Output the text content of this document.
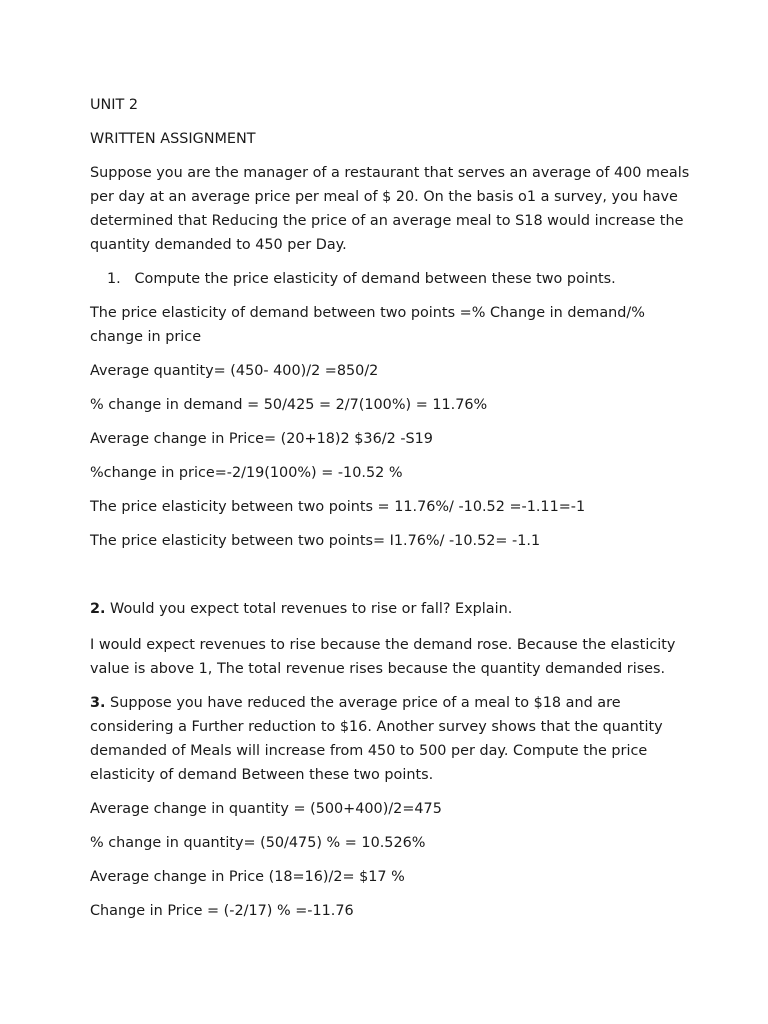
UNIT 2
WRITTEN ASSIGNMENT
Suppose you are the manager of a restaurant that serves an average of 400 meals
per day at an average price per meal of $ 20. On the basis o1 a survey, you have
determined that Reducing the price of an average meal to S18 would increase the
quantity demanded to 450 per Day.
1. Compute the price elasticity of demand between these two points.
The price elasticity of demand between two points =% Change in demand/%
change in price
Average quantity= (450- 400)/2 =850/2
% change in demand = 50/425 = 2/7(100%) = 11.76%
Average change in Price= (20+18)2 $36/2 -S19
%change in price=-2/19(100%) = -10.52 %
The price elasticity between two points = 11.76%/ -10.52 =-1.11=-1
The price elasticity between two points= I1.76%/ -10.52= -1.1
2. Would you expect total revenues to rise or fall? Explain.
I would expect revenues to rise because the demand rose. Because the elasticity
value is above 1, The total revenue rises because the quantity demanded rises.
3. Suppose you have reduced the average price of a meal to $18 and are
considering a Further reduction to $16. Another survey shows that the quantity
demanded of Meals will increase from 450 to 500 per day. Compute the price
elasticity of demand Between these two points.
Average change in quantity = (500+400)/2=475
% change in quantity= (50/475) % = 10.526%
Average change in Price (18=16)/2= $17 %
Change in Price = (-2/17) % =-11.76
